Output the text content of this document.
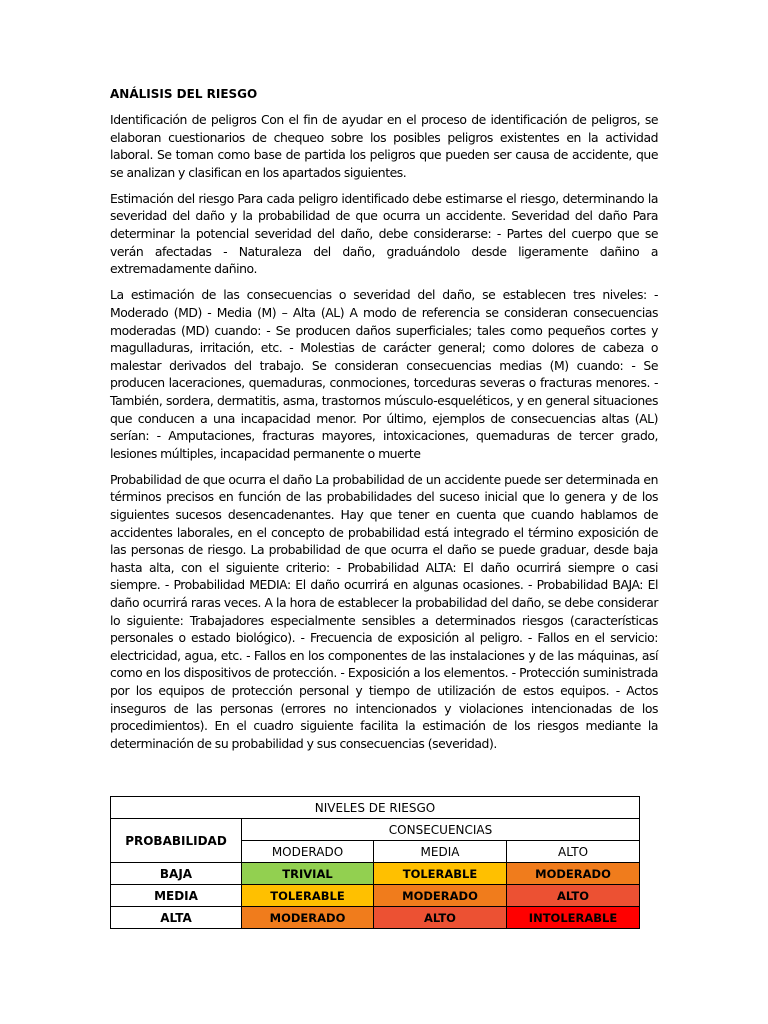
ANÁLISIS DEL RIESGO

Identificación de peligros Con el fin de ayudar en el proceso de identificación de peligros, se elaboran cuestionarios de chequeo sobre los posibles peligros existentes en la actividad laboral. Se toman como base de partida los peligros que pueden ser causa de accidente, que se analizan y clasifican en los apartados siguientes.

Estimación del riesgo Para cada peligro identificado debe estimarse el riesgo, determinando la severidad del daño y la probabilidad de que ocurra un accidente. Severidad del daño Para determinar la potencial severidad del daño, debe considerarse: - Partes del cuerpo que se verán afectadas - Naturaleza del daño, graduándolo desde ligeramente dañino a extremadamente dañino.

La estimación de las consecuencias o severidad del daño, se establecen tres niveles: - Moderado (MD) - Media (M) – Alta (AL) A modo de referencia se consideran consecuencias moderadas (MD) cuando: - Se producen daños superficiales; tales como pequeños cortes y magulladuras, irritación, etc. - Molestias de carácter general; como dolores de cabeza o malestar derivados del trabajo. Se consideran consecuencias medias (M) cuando: - Se producen laceraciones, quemaduras, conmociones, torceduras severas o fracturas menores. - También, sordera, dermatitis, asma, trastornos músculo-esqueléticos, y en general situaciones que conducen a una incapacidad menor. Por último, ejemplos de consecuencias altas (AL) serían: - Amputaciones, fracturas mayores, intoxicaciones, quemaduras de tercer grado, lesiones múltiples, incapacidad permanente o muerte

Probabilidad de que ocurra el daño La probabilidad de un accidente puede ser determinada en términos precisos en función de las probabilidades del suceso inicial que lo genera y de los siguientes sucesos desencadenantes. Hay que tener en cuenta que cuando hablamos de accidentes laborales, en el concepto de probabilidad está integrado el término exposición de las personas de riesgo. La probabilidad de que ocurra el daño se puede graduar, desde baja hasta alta, con el siguiente criterio: - Probabilidad ALTA: El daño ocurrirá siempre o casi siempre. - Probabilidad MEDIA: El daño ocurrirá en algunas ocasiones. - Probabilidad BAJA: El daño ocurrirá raras veces. A la hora de establecer la probabilidad del daño, se debe considerar lo siguiente: Trabajadores especialmente sensibles a determinados riesgos (características personales o estado biológico). - Frecuencia de exposición al peligro. - Fallos en el servicio: electricidad, agua, etc. - Fallos en los componentes de las instalaciones y de las máquinas, así como en los dispositivos de protección. - Exposición a los elementos. - Protección suministrada por los equipos de protección personal y tiempo de utilización de estos equipos. - Actos inseguros de las personas (errores no intencionados y violaciones intencionadas de los procedimientos). En el cuadro siguiente facilita la estimación de los riesgos mediante la determinación de su probabilidad y sus consecuencias (severidad).

NIVELES DE RIESGO			
PROBABILIDAD	CONSECUENCIAS		
	MODERADO	MEDIA	ALTO
BAJA	TRIVIAL	TOLERABLE	MODERADO
MEDIA	TOLERABLE	MODERADO	ALTO
ALTA	MODERADO	ALTO	INTOLERABLE
